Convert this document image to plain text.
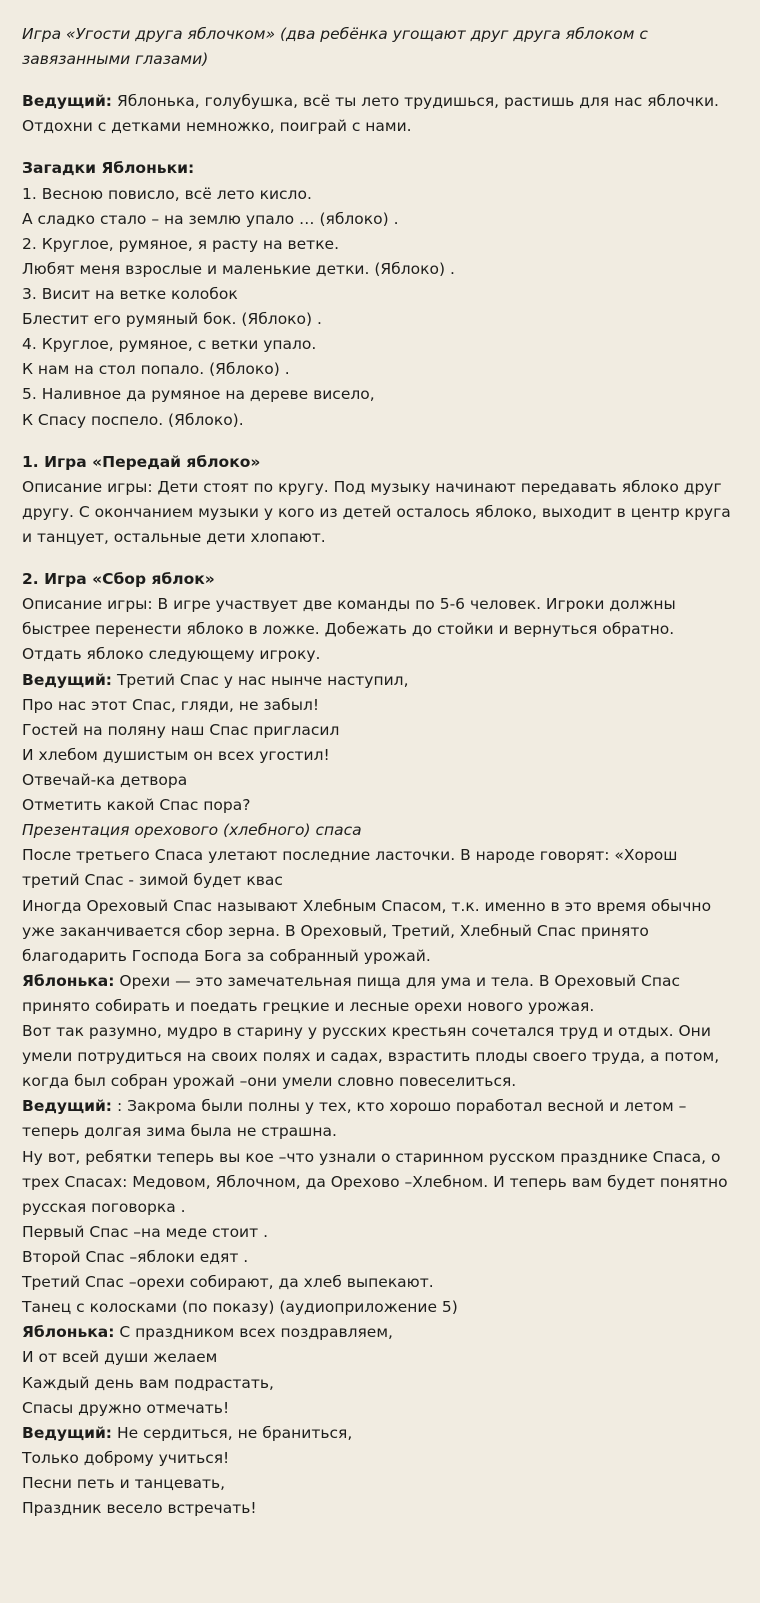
Игра «Угости друга яблочком» (два ребёнка угощают друг друга яблоком с завязанными глазами)

Ведущий: Яблонька, голубушка, всё ты лето трудишься, растишь для нас яблочки. Отдохни с детками немножко, поиграй с нами.

Загадки Яблоньки:

1. Весною повисло, всё лето кисло.

А сладко стало – на землю упало … (яблоко) .

2. Круглое, румяное, я расту на ветке.

Любят меня взрослые и маленькие детки. (Яблоко) .

3. Висит на ветке колобок

Блестит его румяный бок. (Яблоко) .

4. Круглое, румяное, с ветки упало.

К нам на стол попало. (Яблоко) .

5. Наливное да румяное на дереве висело,

К Спасу поспело. (Яблоко).

1. Игра «Передай яблоко»

Описание игры: Дети стоят по кругу. Под музыку начинают передавать яблоко друг другу. С окончанием музыки у кого из детей осталось яблоко, выходит в центр круга и танцует, остальные дети хлопают.

2. Игра «Сбор яблок»

Описание игры: В игре участвует две команды по 5-6 человек. Игроки должны быстрее перенести яблоко в ложке. Добежать до стойки и вернуться обратно. Отдать яблоко следующему игроку.

Ведущий: Третий Спас у нас нынче наступил,

Про нас этот Спас, гляди, не забыл!

Гостей на поляну наш Спас пригласил

И хлебом душистым он всех угостил!

Отвечай-ка детвора

Отметить какой Спас пора?

Презентация орехового (хлебного) спаса

После третьего Спаса улетают последние ласточки. В народе говорят: «Хорош третий Спас - зимой будет квас

Иногда Ореховый Спас называют Хлебным Спасом, т.к. именно в это время обычно уже заканчивается сбор зерна. В Ореховый, Третий, Хлебный Спас принято благодарить Господа Бога за собранный урожай.

Яблонька: Орехи — это замечательная пища для ума и тела. В Ореховый Спас принято собирать и поедать грецкие и лесные орехи нового урожая.

Вот так разумно, мудро в старину у русских крестьян сочетался труд и отдых. Они умели потрудиться на своих полях и садах, взрастить плоды своего труда, а потом, когда был собран урожай –они умели словно повеселиться.

Ведущий: : Закрома были полны у тех, кто хорошо поработал весной и летом – теперь долгая зима была не страшна.

Ну вот, ребятки теперь вы кое –что узнали о старинном русском празднике Спаса, о трех Спасах: Медовом, Яблочном, да Орехово –Хлебном. И теперь вам будет понятно русская поговорка .

Первый Спас –на меде стоит .

Второй Спас –яблоки едят .

Третий Спас –орехи собирают, да хлеб выпекают.

Танец с колосками (по показу) (аудиоприложение 5)

Яблонька: С праздником всех поздравляем,

И от всей души желаем

Каждый день вам подрастать,

Спасы дружно отмечать!

Ведущий: Не сердиться, не браниться,

Только доброму учиться!

Песни петь и танцевать,

Праздник весело встречать!
